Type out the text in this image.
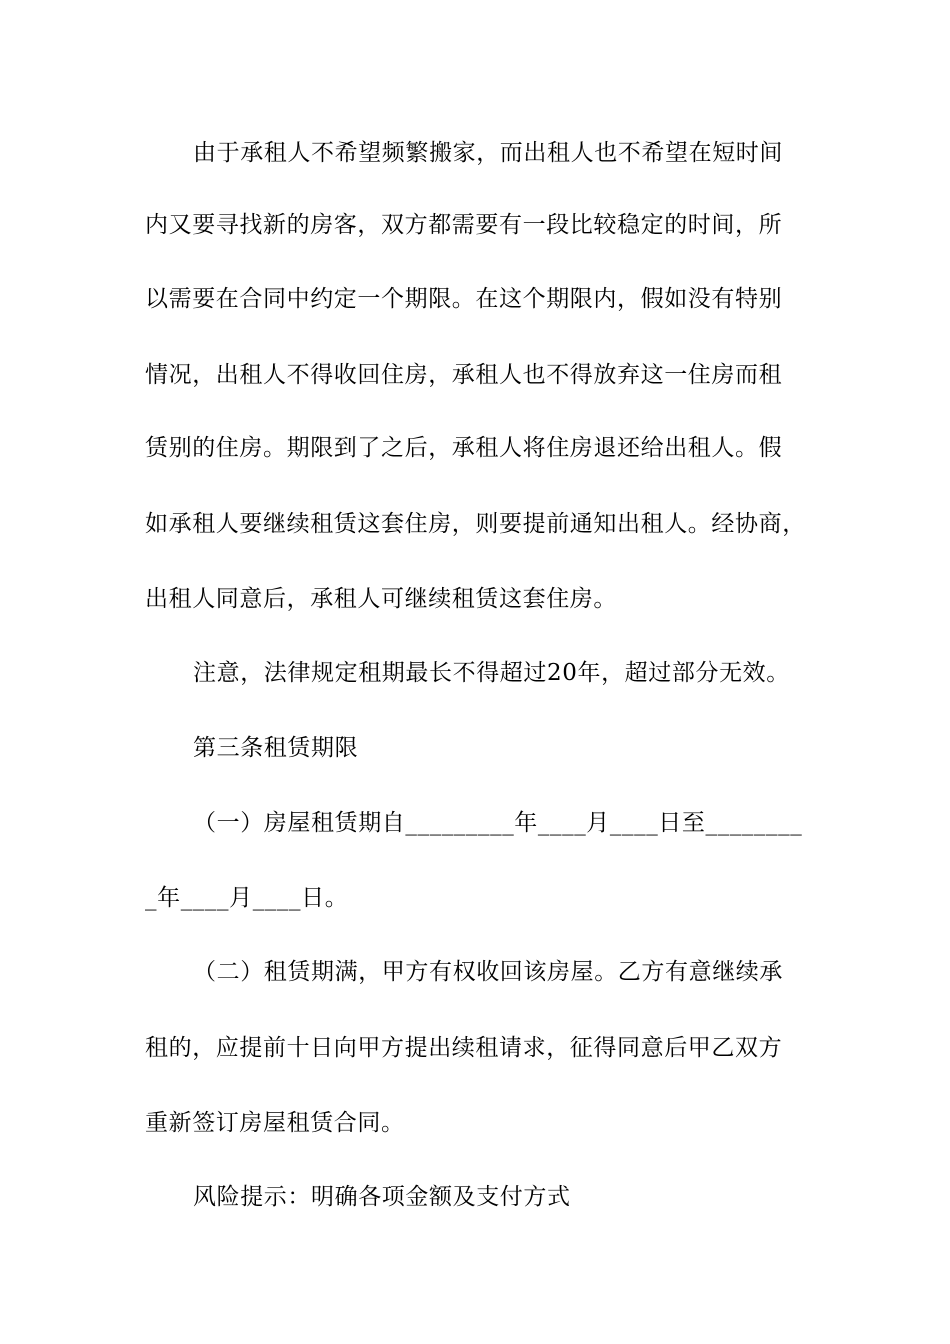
由于承租人不希望频繁搬家，而出租人也不希望在短时间
内又要寻找新的房客，双方都需要有一段比较稳定的时间，所
以需要在合同中约定一个期限。在这个期限内，假如没有特别
情况，出租人不得收回住房，承租人也不得放弃这一住房而租
赁别的住房。期限到了之后，承租人将住房退还给出租人。假
如承租人要继续租赁这套住房，则要提前通知出租人。经协商，
出租人同意后，承租人可继续租赁这套住房。
注意，法律规定租期最长不得超过20年，超过部分无效。
第三条租赁期限
（一）房屋租赁期自_________年____月____日至________
_年____月____日。
（二）租赁期满，甲方有权收回该房屋。乙方有意继续承
租的，应提前十日向甲方提出续租请求，征得同意后甲乙双方
重新签订房屋租赁合同。
风险提示：明确各项金额及支付方式
